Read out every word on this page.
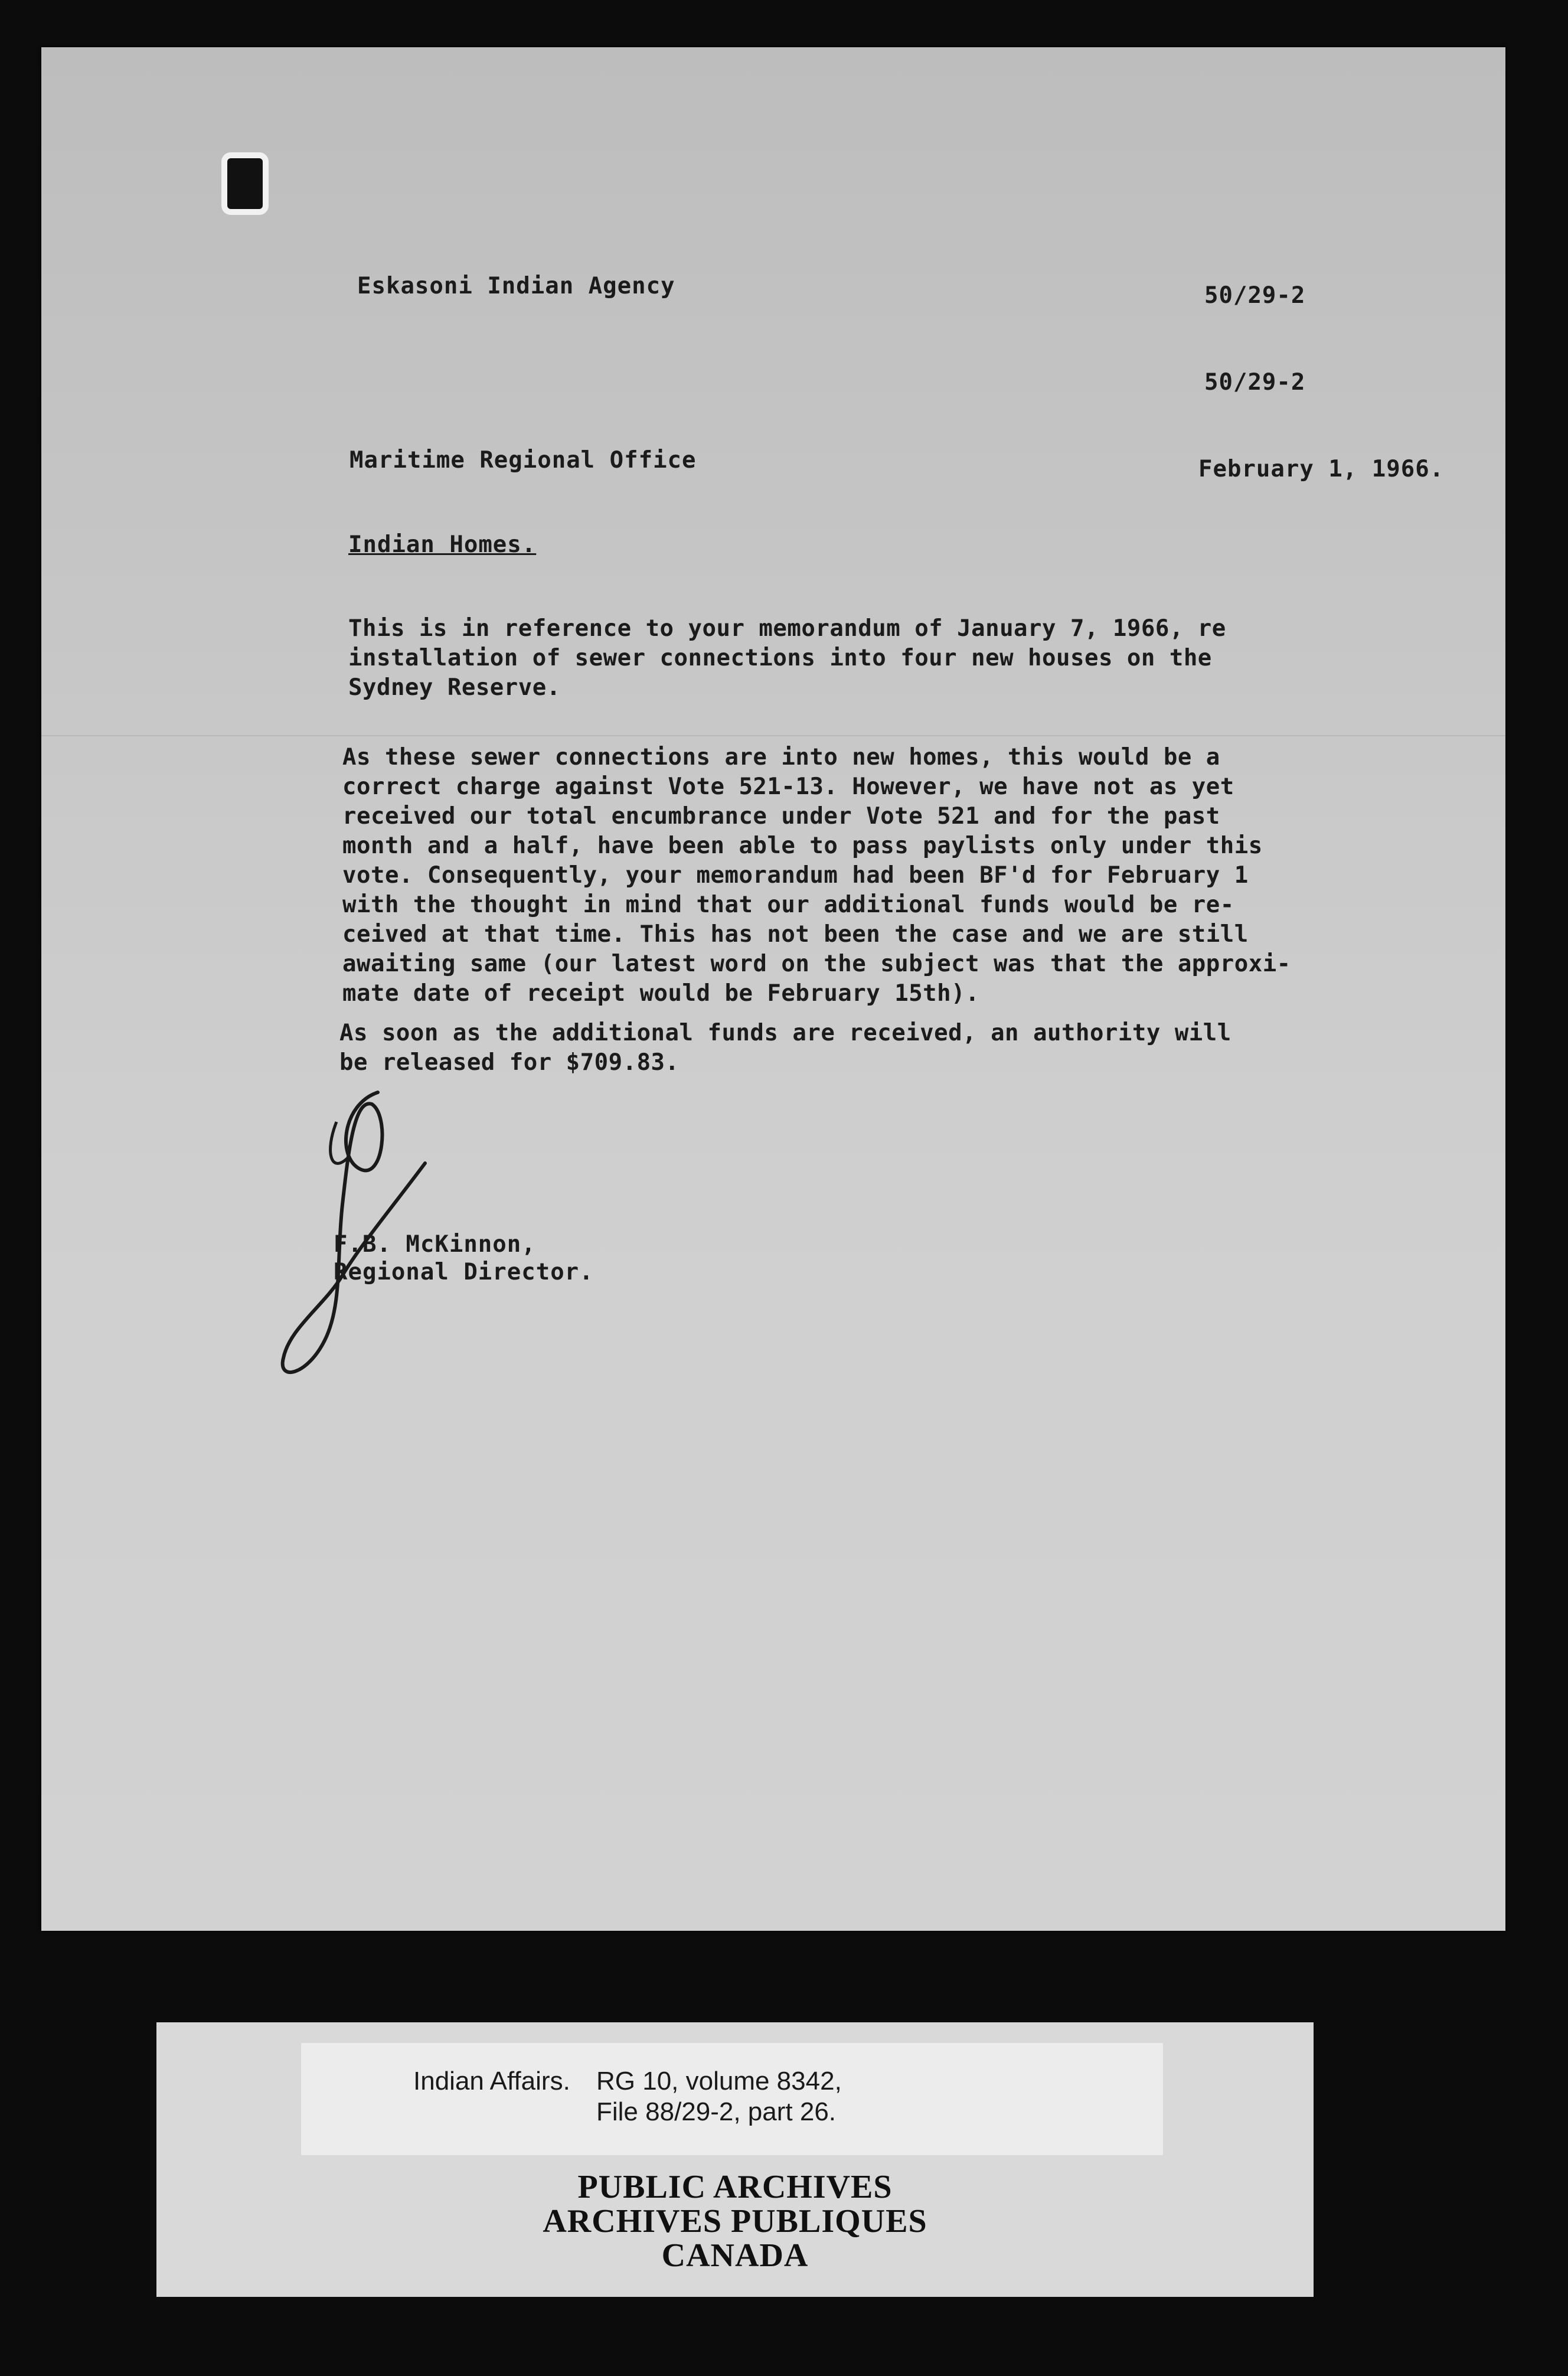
Eskasoni Indian Agency	50/29-2
50/29-2
Maritime Regional Office	February 1, 1966.
Indian Homes.
This is in reference to your memorandum of January 7, 1966, re
installation of sewer connections into four new houses on the
Sydney Reserve.
As these sewer connections are into new homes, this would be a
correct charge against Vote 521-13. However, we have not as yet
received our total encumbrance under Vote 521 and for the past
month and a half, have been able to pass paylists only under this
vote. Consequently, your memorandum had been BF'd for February 1
with the thought in mind that our additional funds would be re-
ceived at that time. This has not been the case and we are still
awaiting same (our latest word on the subject was that the approxi-
mate date of receipt would be February 15th).
As soon as the additional funds are received, an authority will
be released for $709.83.
F.B. McKinnon,
Regional Director.
Indian Affairs. RG 10, volume 8342,
File 88/29-2, part 26.
PUBLIC ARCHIVES
ARCHIVES PUBLIQUES
CANADA
